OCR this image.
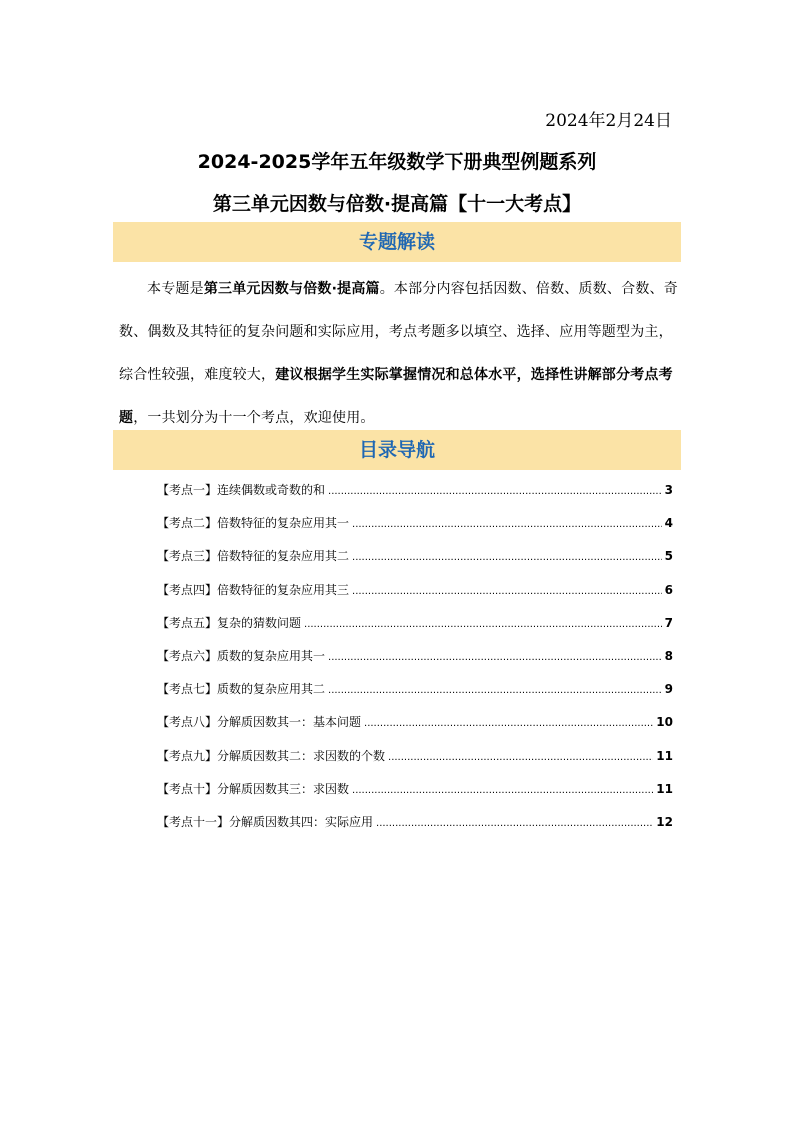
2024年2月24日
2024-2025学年五年级数学下册典型例题系列
第三单元因数与倍数·提高篇【十一大考点】
专题解读
本专题是第三单元因数与倍数·提高篇。本部分内容包括因数、倍数、质数、合数、奇数、偶数及其特征的复杂问题和实际应用，考点考题多以填空、选择、应用等题型为主，综合性较强，难度较大，建议根据学生实际掌握情况和总体水平，选择性讲解部分考点考题，一共划分为十一个考点，欢迎使用。
目录导航
【考点一】连续偶数或奇数的和 .....	3
【考点二】倍数特征的复杂应用其一 .....	4
【考点三】倍数特征的复杂应用其二 .....	5
【考点四】倍数特征的复杂应用其三 .....	6
【考点五】复杂的猜数问题 .....	7
【考点六】质数的复杂应用其一 .....	8
【考点七】质数的复杂应用其二 .....	9
【考点八】分解质因数其一：基本问题 .....	10
【考点九】分解质因数其二：求因数的个数 .....	11
【考点十】分解质因数其三：求因数 .....	11
【考点十一】分解质因数其四：实际应用 .....	12
